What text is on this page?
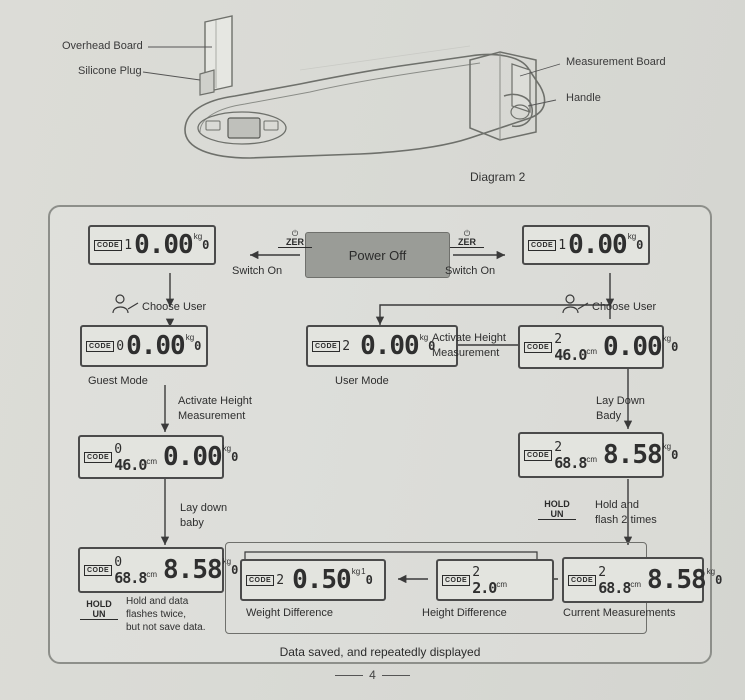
Overhead Board
Silicone Plug
Measurement Board
Handle
Diagram 2
Power Off
⏻
ZER
⏻
ZER
Switch On	Switch On
CODE 1 0.00 kg
0	CODE 1 0.00 kg
0
Choose User	Choose User
CODE 0 0.00 kg
0
Guest Mode
CODE 2 0.00 kg
0
User Mode
Activate Height
Measurement	CODE
2
46.0 cm 0.00 kg
0
Activate Height
Measurement
Lay Down
Bady
CODE
0
46.0 cm 0.00 kg
0	CODE
2
68.8 cm 8.58 kg
0
Lay down
baby
HOLD
UN
Hold and
flash 2 times
CODE
0
68.8 cm 8.58 kg
0
HOLD
UN
Hold and data
flashes twice,
but not save data.
CODE 2 0.50 kg 1
0	CODE
2
2.0 cm	CODE
2
68.8 cm 8.58 kg
0
Weight Difference	Height Difference	Current Measurements
Data saved, and repeatedly displayed
4
